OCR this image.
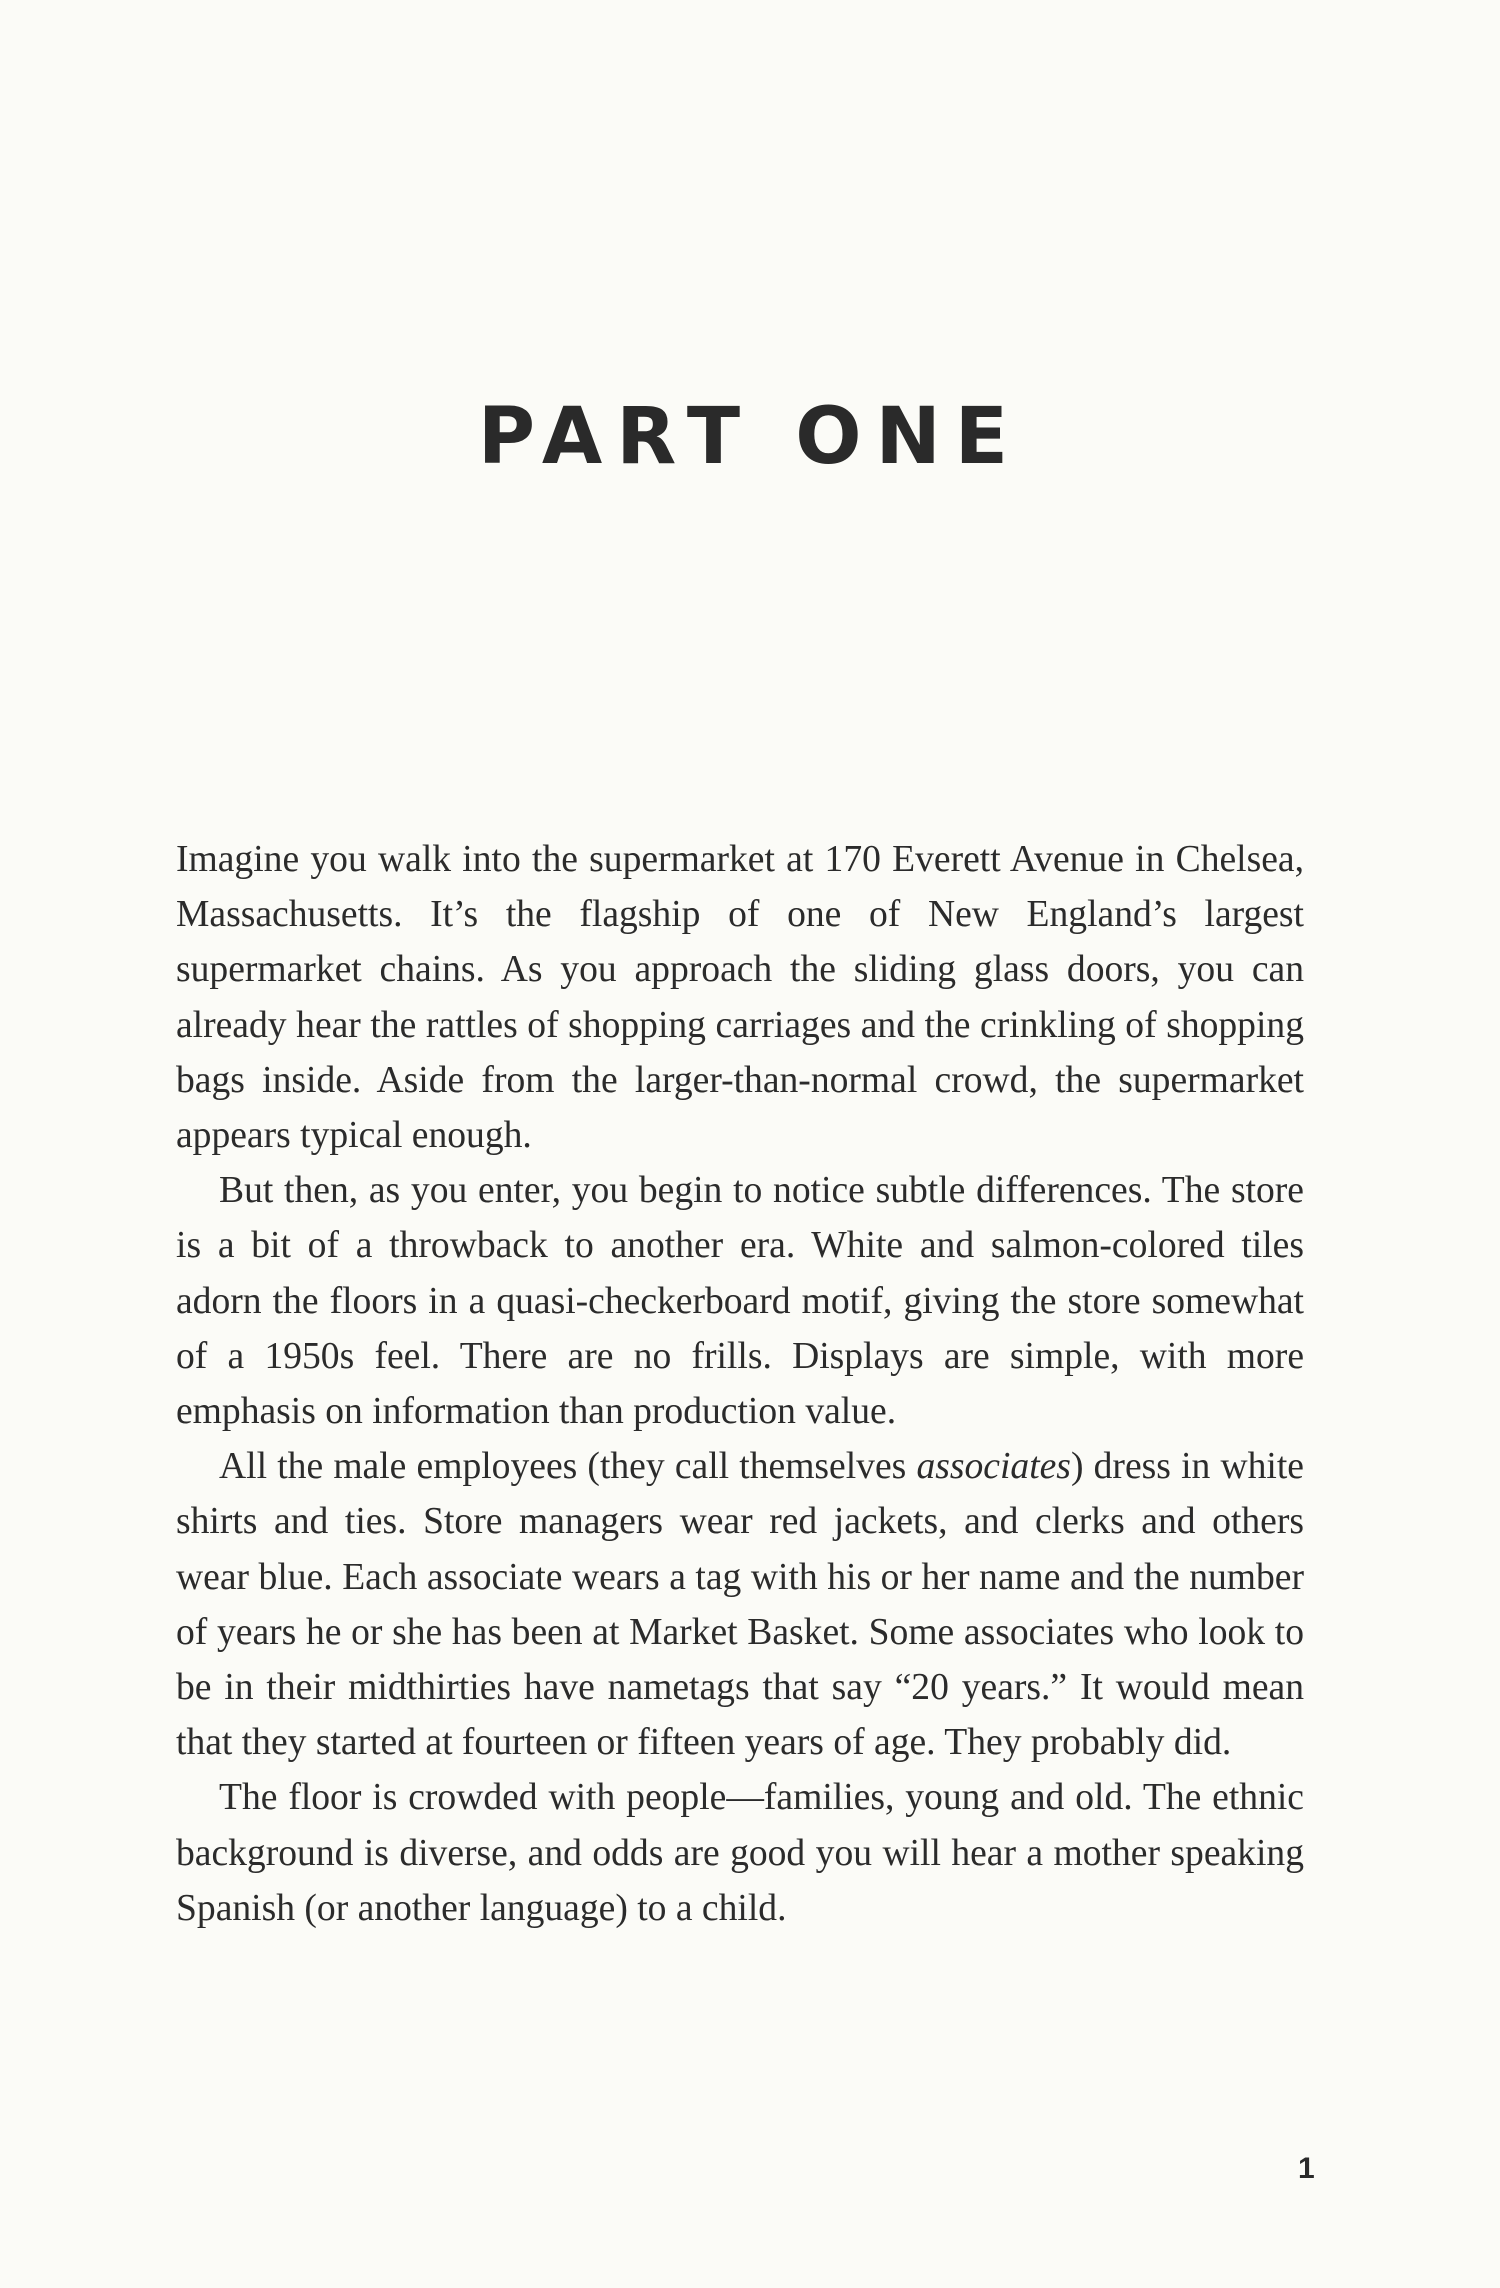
PART ONE

Imagine you walk into the supermarket at 170 Everett Avenue in Chelsea, Massachusetts. It’s the flagship of one of New England’s largest supermarket chains. As you approach the sliding glass doors, you can already hear the rattles of shopping carriages and the crinkling of shopping bags inside. Aside from the larger-than-normal crowd, the supermarket appears typical enough.

But then, as you enter, you begin to notice subtle differences. The store is a bit of a throwback to another era. White and salmon-colored tiles adorn the floors in a quasi-checkerboard motif, giving the store somewhat of a 1950s feel. There are no frills. Displays are simple, with more emphasis on information than production value.

All the male employees (they call themselves associates) dress in white shirts and ties. Store managers wear red jackets, and clerks and others wear blue. Each associate wears a tag with his or her name and the number of years he or she has been at Market Basket. Some associates who look to be in their midthirties have nametags that say “20 years.” It would mean that they started at fourteen or fifteen years of age. They probably did.

The floor is crowded with people—families, young and old. The ethnic background is diverse, and odds are good you will hear a mother speaking Spanish (or another language) to a child.

1
